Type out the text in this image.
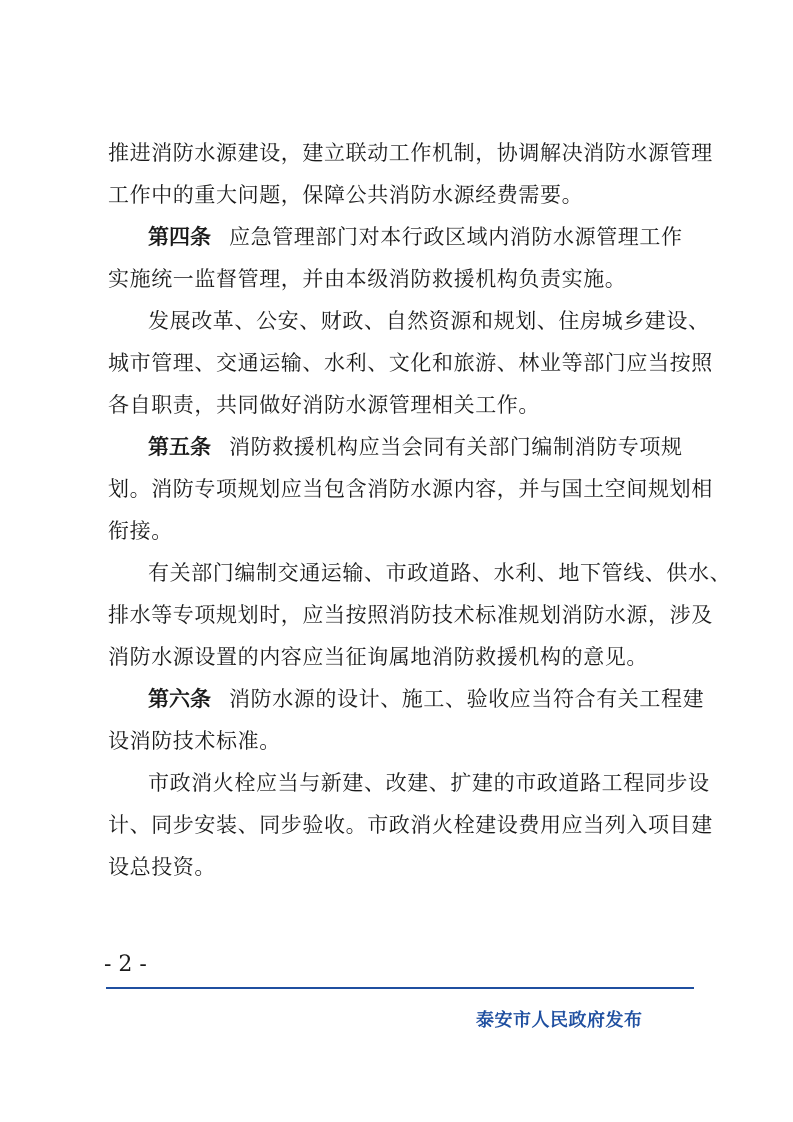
推进消防水源建设，建立联动工作机制，协调解决消防水源管理
工作中的重大问题，保障公共消防水源经费需要。
第四条 应急管理部门对本行政区域内消防水源管理工作
实施统一监督管理，并由本级消防救援机构负责实施。
发展改革、公安、财政、自然资源和规划、住房城乡建设、
城市管理、交通运输、水利、文化和旅游、林业等部门应当按照
各自职责，共同做好消防水源管理相关工作。
第五条 消防救援机构应当会同有关部门编制消防专项规
划。消防专项规划应当包含消防水源内容，并与国土空间规划相
衔接。
有关部门编制交通运输、市政道路、水利、地下管线、供水、
排水等专项规划时，应当按照消防技术标准规划消防水源，涉及
消防水源设置的内容应当征询属地消防救援机构的意见。
第六条 消防水源的设计、施工、验收应当符合有关工程建
设消防技术标准。
市政消火栓应当与新建、改建、扩建的市政道路工程同步设
计、同步安装、同步验收。市政消火栓建设费用应当列入项目建
设总投资。
- 2 -
泰安市人民政府发布
